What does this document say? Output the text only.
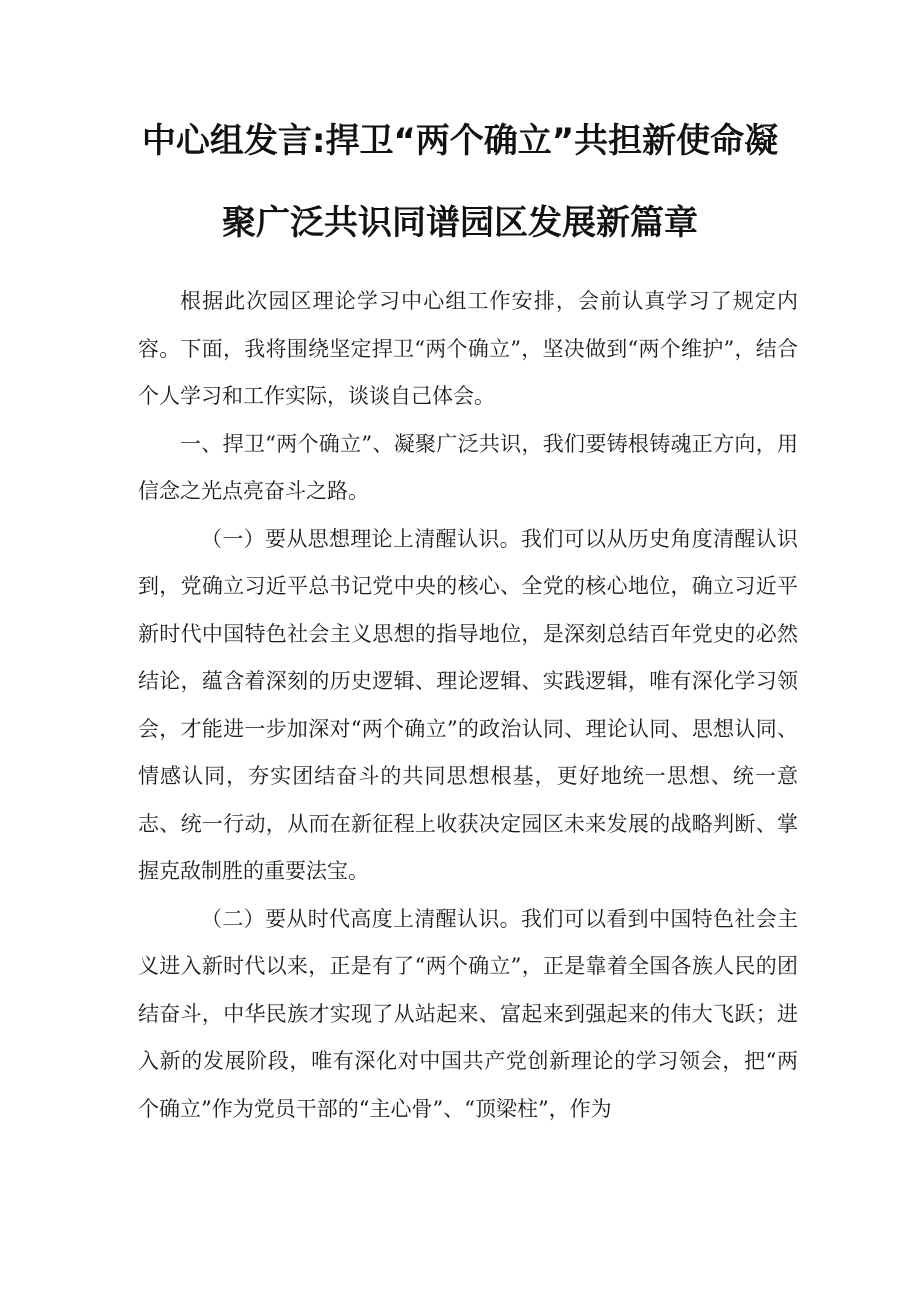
中心组发言:捍卫“两个确立”共担新使命凝
聚广泛共识同谱园区发展新篇章

根据此次园区理论学习中心组工作安排，会前认真学习了规定内容。下面，我将围绕坚定捍卫“两个确立”，坚决做到“两个维护”，结合个人学习和工作实际，谈谈自己体会。

一、捍卫“两个确立”、凝聚广泛共识，我们要铸根铸魂正方向，用信念之光点亮奋斗之路。

（一）要从思想理论上清醒认识。我们可以从历史角度清醒认识到，党确立习近平总书记党中央的核心、全党的核心地位，确立习近平新时代中国特色社会主义思想的指导地位，是深刻总结百年党史的必然结论，蕴含着深刻的历史逻辑、理论逻辑、实践逻辑，唯有深化学习领会，才能进一步加深对“两个确立”的政治认同、理论认同、思想认同、情感认同，夯实团结奋斗的共同思想根基，更好地统一思想、统一意志、统一行动，从而在新征程上收获决定园区未来发展的战略判断、掌握克敌制胜的重要法宝。

（二）要从时代高度上清醒认识。我们可以看到中国特色社会主义进入新时代以来，正是有了“两个确立”，正是靠着全国各族人民的团结奋斗，中华民族才实现了从站起来、富起来到强起来的伟大飞跃；进入新的发展阶段，唯有深化对中国共产党创新理论的学习领会，把“两个确立”作为党员干部的“主心骨”、“顶梁柱”，作为
